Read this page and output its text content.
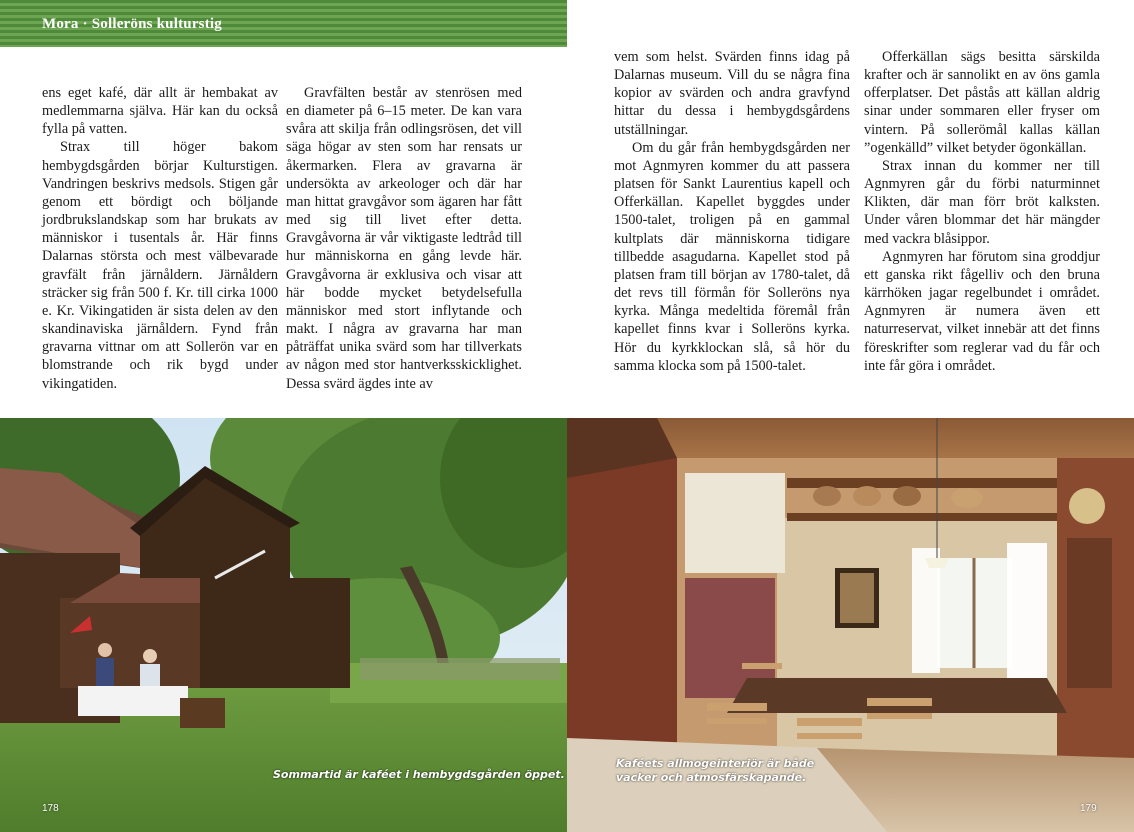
Mora · Solleröns kulturstig

ens eget kafé, där allt är hembakat av medlemmarna själva. Här kan du också fylla på vatten.

Strax till höger bakom hembygdsgården börjar Kulturstigen. Vandringen beskrivs medsols. Stigen går genom ett bördigt och böljande jordbrukslandskap som har brukats av människor i tusentals år. Här finns Dalarnas största och mest välbevarade gravfält från järnåldern. Järnåldern sträcker sig från 500 f. Kr. till cirka 1000 e. Kr. Vikingatiden är sista delen av den skandinaviska järnåldern. Fynd från gravarna vittnar om att Sollerön var en blomstrande och rik bygd under vikingatiden.

Gravfälten består av stenrösen med en diameter på 6–15 meter. De kan vara svåra att skilja från odlingsrösen, det vill säga högar av sten som har rensats ur åkermarken. Flera av gravarna är undersökta av arkeologer och där har man hittat gravgåvor som ägaren har fått med sig till livet efter detta. Gravgåvorna är vår viktigaste ledtråd till hur människorna en gång levde här. Gravgåvorna är exklusiva och visar att här bodde mycket betydelsefulla människor med stort inflytande och makt. I några av gravarna har man påträffat unika svärd som har tillverkats av någon med stor hantverksskicklighet. Dessa svärd ägdes inte av

vem som helst. Svärden finns idag på Dalarnas museum. Vill du se några fina kopior av svärden och andra gravfynd hittar du dessa i hembygdsgårdens utställningar.

Om du går från hembygdsgården ner mot Agnmyren kommer du att passera platsen för Sankt Laurentius kapell och Offerkällan. Kapellet byggdes under 1500-talet, troligen på en gammal kultplats där människorna tidigare tillbedde asagudarna. Kapellet stod på platsen fram till början av 1780-talet, då det revs till förmån för Solleröns nya kyrka. Många medeltida föremål från kapellet finns kvar i Solleröns kyrka. Hör du kyrkklockan slå, så hör du samma klocka som på 1500-talet.

Offerkällan sägs besitta särskilda krafter och är sannolikt en av öns gamla offerplatser. Det påstås att källan aldrig sinar under sommaren eller fryser om vintern. På sollerömål kallas källan ”ogenkälld” vilket betyder ögonkällan.

Strax innan du kommer ner till Agnmyren går du förbi naturminnet Klikten, där man förr bröt kalksten. Under våren blommar det här mängder med vackra blåsippor.

Agnmyren har förutom sina groddjur ett ganska rikt fågelliv och den bruna kärrhöken jagar regelbundet i området. Agnmyren är numera även ett naturreservat, vilket innebär att det finns föreskrifter som reglerar vad du får och inte får göra i området.

Sommartid är kaféet i hembygdsgården öppet.
Kaféets allmogeinteriör är både vacker och atmosfärskapande.
178	179
